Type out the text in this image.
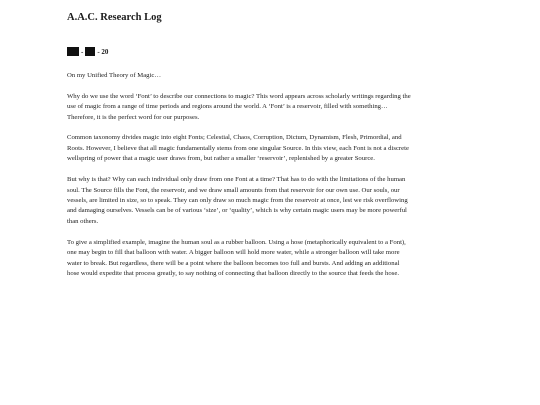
A.A.C. Research Log
- - 20

On my Unified Theory of Magic…

Why do we use the word ‘Font’ to describe our connections to magic? This word appears across scholarly writings regarding the use of magic from a range of time periods and regions around the world. A ‘Font’ is a reservoir, filled with something… Therefore, it is the perfect word for our purposes.

Common taxonomy divides magic into eight Fonts; Celestial, Chaos, Corruption, Dictum, Dynamism, Flesh, Primordial, and Roots. However, I believe that all magic fundamentally stems from one singular Source. In this view, each Font is not a discrete wellspring of power that a magic user draws from, but rather a smaller ‘reservoir’, replenished by a greater Source.

But why is that? Why can each individual only draw from one Font at a time? That has to do with the limitations of the human soul. The Source fills the Font, the reservoir, and we draw small amounts from that reservoir for our own use. Our souls, our vessels, are limited in size, so to speak. They can only draw so much magic from the reservoir at once, lest we risk overflowing and damaging ourselves. Vessels can be of various ‘size’, or ‘quality’, which is why certain magic users may be more powerful than others.

To give a simplified example, imagine the human soul as a rubber balloon. Using a hose (metaphorically equivalent to a Font), one may begin to fill that balloon with water. A bigger balloon will hold more water, while a stronger balloon will take more water to break. But regardless, there will be a point where the balloon becomes too full and bursts. And adding an additional hose would expedite that process greatly, to say nothing of connecting that balloon directly to the source that feeds the hose.
